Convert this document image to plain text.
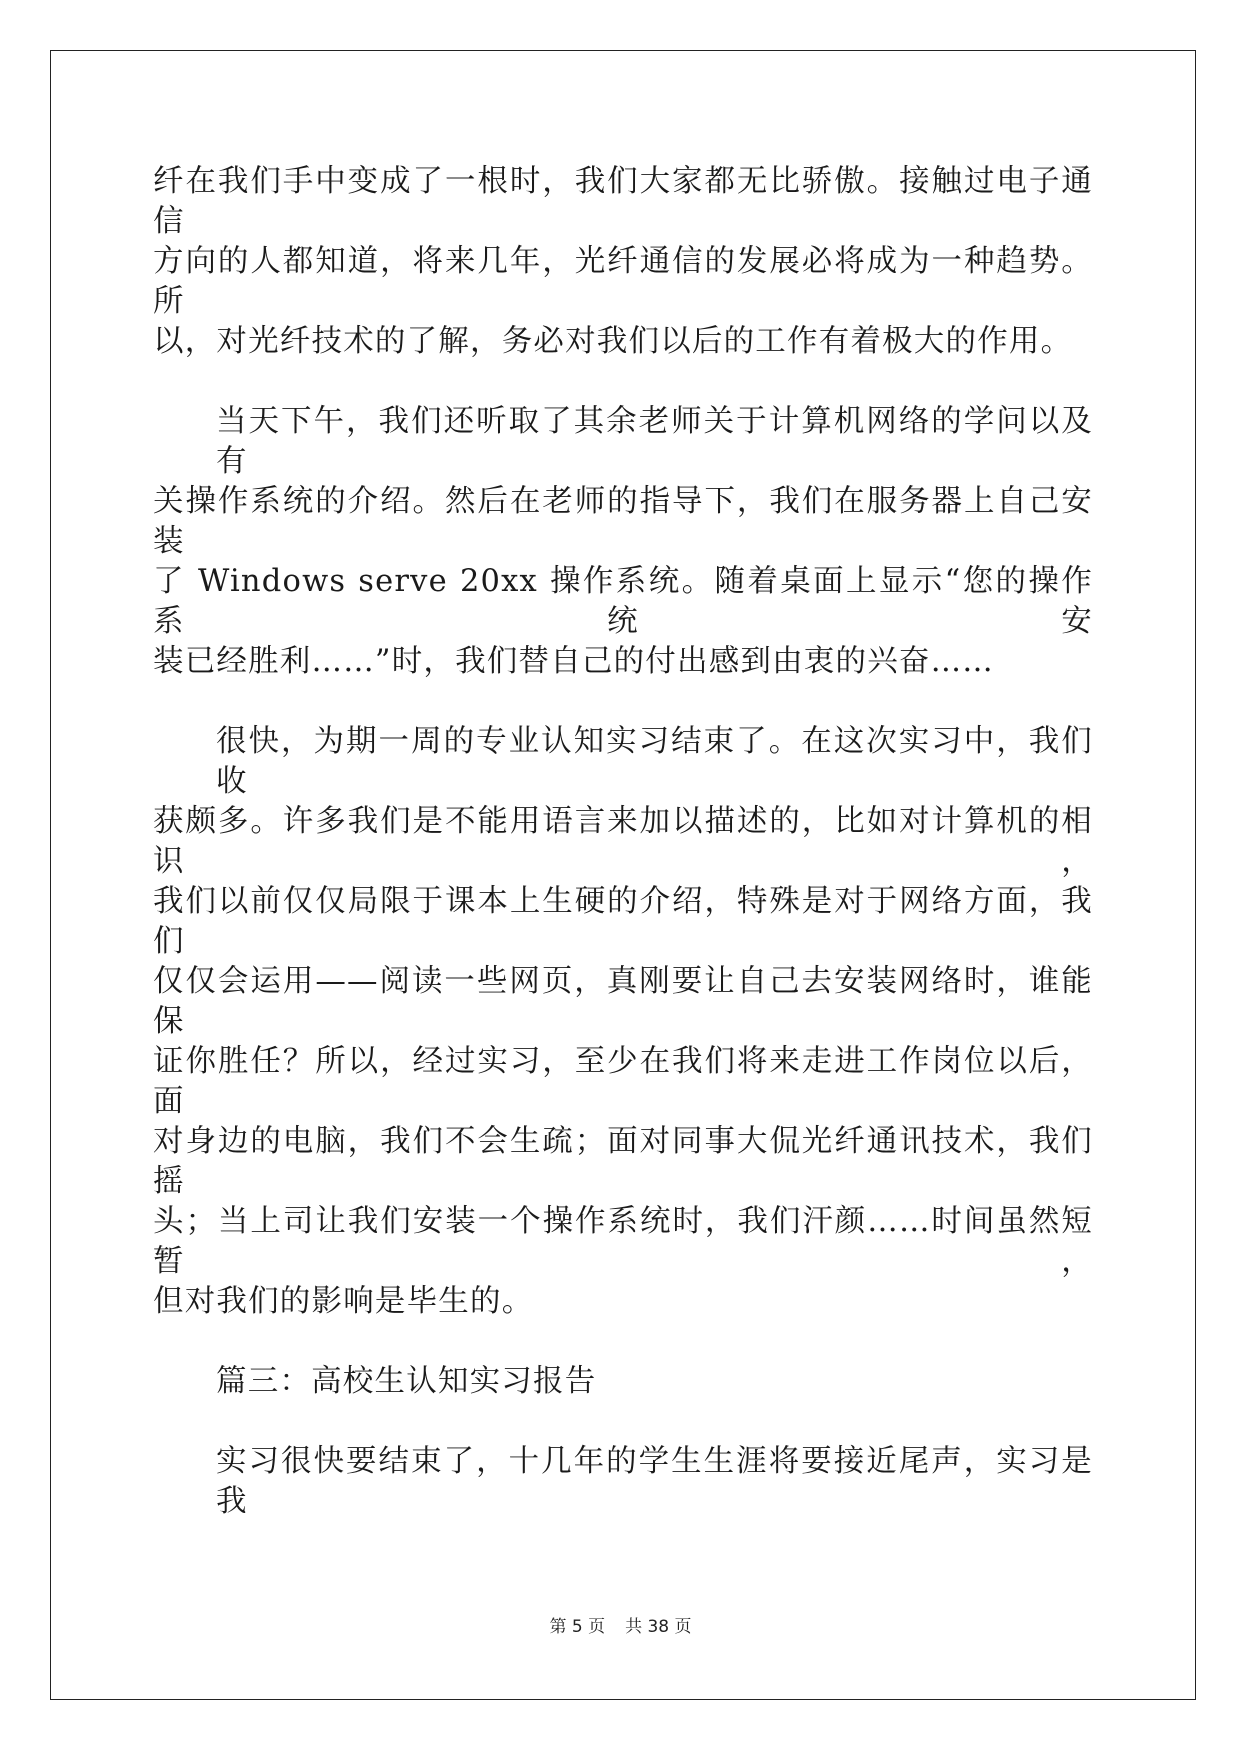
纤在我们手中变成了一根时，我们大家都无比骄傲。接触过电子通信
方向的人都知道，将来几年，光纤通信的发展必将成为一种趋势。所
以，对光纤技术的了解，务必对我们以后的工作有着极大的作用。
当天下午，我们还听取了其余老师关于计算机网络的学问以及有
关操作系统的介绍。然后在老师的指导下，我们在服务器上自己安装
了 Windows serve 20xx 操作系统。随着桌面上显示“您的操作系统安
装已经胜利……”时，我们替自己的付出感到由衷的兴奋……
很快，为期一周的专业认知实习结束了。在这次实习中，我们收
获颇多。许多我们是不能用语言来加以描述的，比如对计算机的相识，
我们以前仅仅局限于课本上生硬的介绍，特殊是对于网络方面，我们
仅仅会运用——阅读一些网页，真刚要让自己去安装网络时，谁能保
证你胜任？所以，经过实习，至少在我们将来走进工作岗位以后，面
对身边的电脑，我们不会生疏；面对同事大侃光纤通讯技术，我们摇
头；当上司让我们安装一个操作系统时，我们汗颜……时间虽然短暂，
但对我们的影响是毕生的。
篇三：高校生认知实习报告
实习很快要结束了，十几年的学生生涯将要接近尾声，实习是我
第 5 页 共 38 页
